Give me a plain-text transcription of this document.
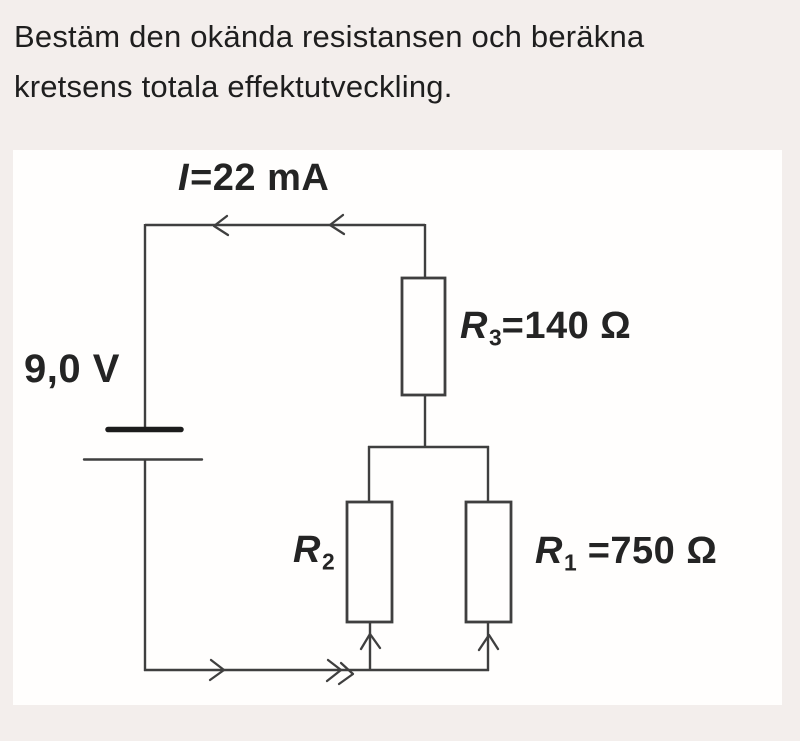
Bestäm den okända resistansen och beräkna
kretsens totala effektutveckling.
I=22 mA
9,0 V
$R_3=140$ Ω
$R_2$	$R_1 =750$ Ω
